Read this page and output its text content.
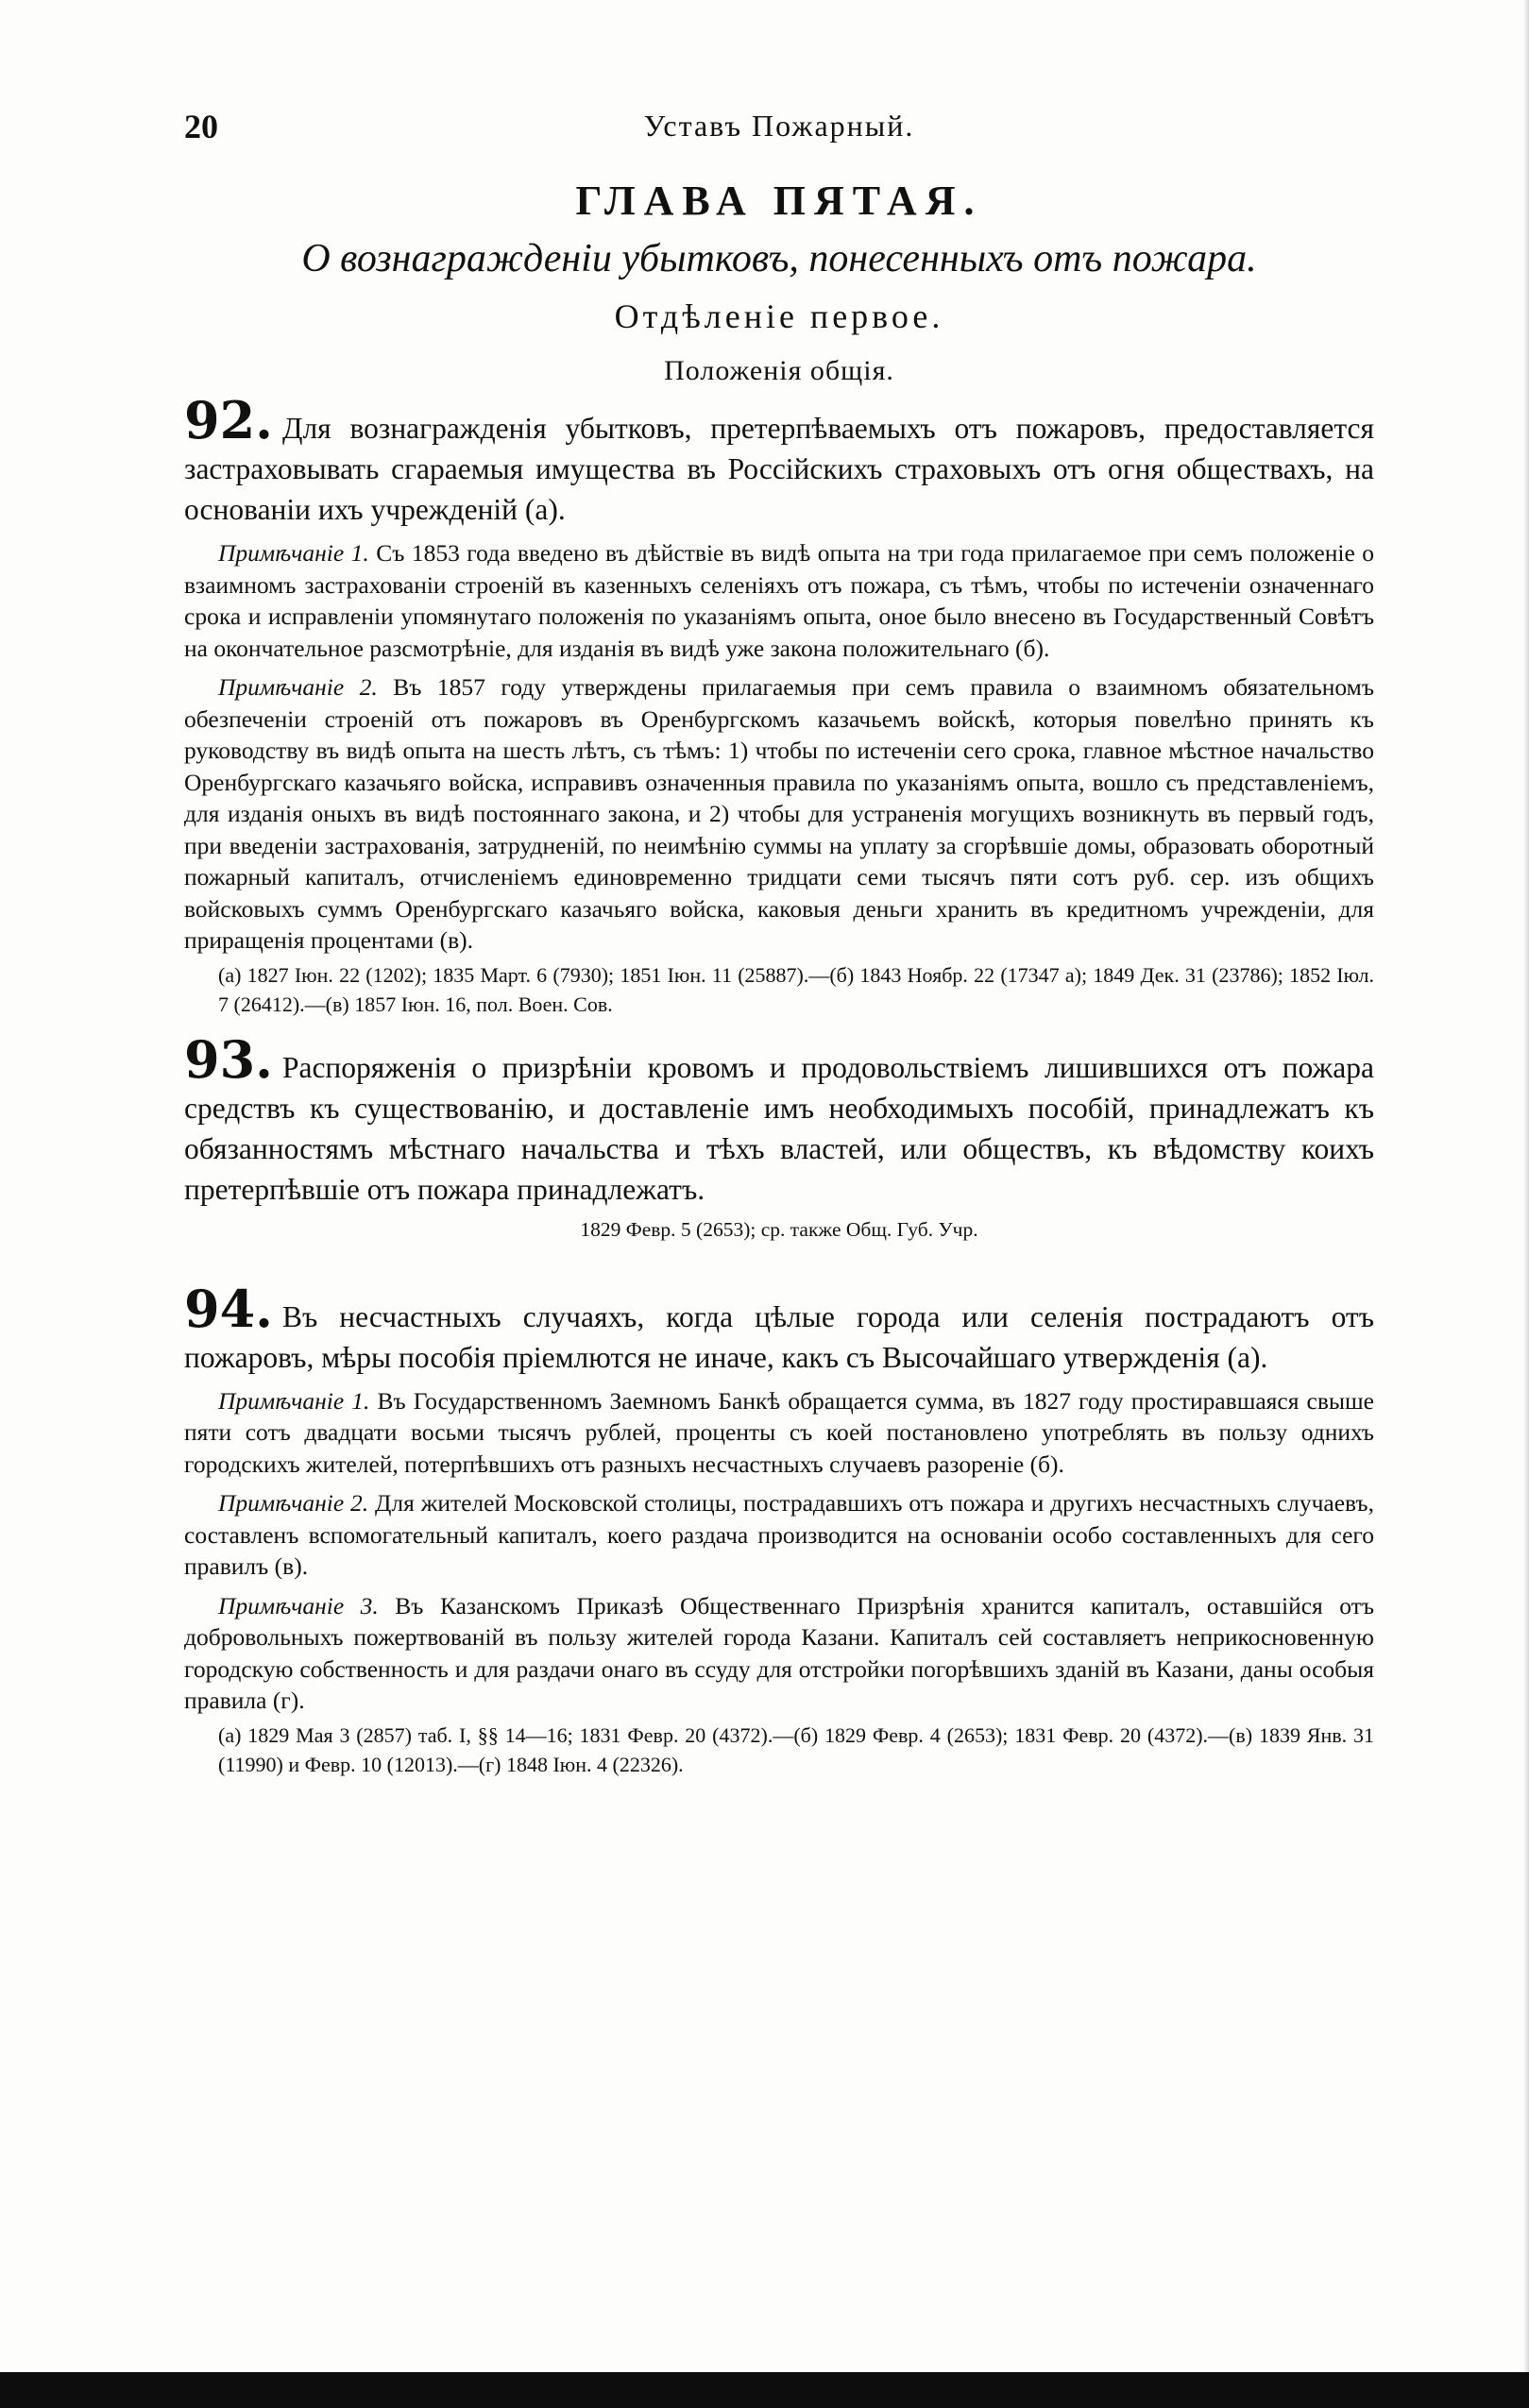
20	Уставъ Пожарный.
ГЛАВА ПЯТАЯ.
О вознагражденіи убытковъ, понесенныхъ отъ пожара.
Отдѣленіе первое.
Положенія общія.
92. Для вознагражденія убытковъ, претерпѣваемыхъ отъ пожаровъ, предоставляется застраховывать сгараемыя имущества въ Россійскихъ страховыхъ отъ огня обществахъ, на основаніи ихъ учрежденій (а).
Примѣчаніе 1. Съ 1853 года введено въ дѣйствіе въ видѣ опыта на три года прилагаемое при семъ положеніе о взаимномъ застрахованіи строеній въ казенныхъ селеніяхъ отъ пожара, съ тѣмъ, чтобы по истеченіи означеннаго срока и исправленіи упомянутаго положенія по указаніямъ опыта, оное было внесено въ Государственный Совѣтъ на окончательное разсмотрѣніе, для изданія въ видѣ уже закона положительнаго (б).
Примѣчаніе 2. Въ 1857 году утверждены прилагаемыя при семъ правила о взаимномъ обязательномъ обезпеченіи строеній отъ пожаровъ въ Оренбургскомъ казачьемъ войскѣ, которыя повелѣно принять къ руководству въ видѣ опыта на шесть лѣтъ, съ тѣмъ: 1) чтобы по истеченіи сего срока, главное мѣстное начальство Оренбургскаго казачьяго войска, исправивъ означенныя правила по указаніямъ опыта, вошло съ представленіемъ, для изданія оныхъ въ видѣ постояннаго закона, и 2) чтобы для устраненія могущихъ возникнуть въ первый годъ, при введеніи застрахованія, затрудненій, по неимѣнію суммы на уплату за сгорѣвшіе домы, образовать оборотный пожарный капиталъ, отчисленіемъ единовременно тридцати семи тысячъ пяти сотъ руб. сер. изъ общихъ войсковыхъ суммъ Оренбургскаго казачьяго войска, каковыя деньги хранить въ кредитномъ учрежденіи, для приращенія процентами (в).
(а) 1827 Іюн. 22 (1202); 1835 Март. 6 (7930); 1851 Іюн. 11 (25887).—(б) 1843 Ноябр. 22 (17347 а); 1849 Дек. 31 (23786); 1852 Іюл. 7 (26412).—(в) 1857 Іюн. 16, пол. Воен. Сов.
93. Распоряженія о призрѣніи кровомъ и продовольствіемъ лишившихся отъ пожара средствъ къ существованію, и доставленіе имъ необходимыхъ пособій, принадлежатъ къ обязанностямъ мѣстнаго начальства и тѣхъ властей, или обществъ, къ вѣдомству коихъ претерпѣвшіе отъ пожара принадлежатъ.
1829 Февр. 5 (2653); ср. также Общ. Губ. Учр.
94. Въ несчастныхъ случаяхъ, когда цѣлые города или селенія пострадаютъ отъ пожаровъ, мѣры пособія пріемлются не иначе, какъ съ Высочайшаго утвержденія (а).
Примѣчаніе 1. Въ Государственномъ Заемномъ Банкѣ обращается сумма, въ 1827 году простиравшаяся свыше пяти сотъ двадцати восьми тысячъ рублей, проценты съ коей постановлено употреблять въ пользу однихъ городскихъ жителей, потерпѣвшихъ отъ разныхъ несчастныхъ случаевъ разореніе (б).
Примѣчаніе 2. Для жителей Московской столицы, пострадавшихъ отъ пожара и другихъ несчастныхъ случаевъ, составленъ вспомогательный капиталъ, коего раздача производится на основаніи особо составленныхъ для сего правилъ (в).
Примѣчаніе 3. Въ Казанскомъ Приказѣ Общественнаго Призрѣнія хранится капиталъ, оставшійся отъ добровольныхъ пожертвованій въ пользу жителей города Казани. Капиталъ сей составляетъ неприкосновенную городскую собственность и для раздачи онаго въ ссуду для отстройки погорѣвшихъ зданій въ Казани, даны особыя правила (г).
(а) 1829 Мая 3 (2857) таб. I, §§ 14—16; 1831 Февр. 20 (4372).—(б) 1829 Февр. 4 (2653); 1831 Февр. 20 (4372).—(в) 1839 Янв. 31 (11990) и Февр. 10 (12013).—(г) 1848 Іюн. 4 (22326).
